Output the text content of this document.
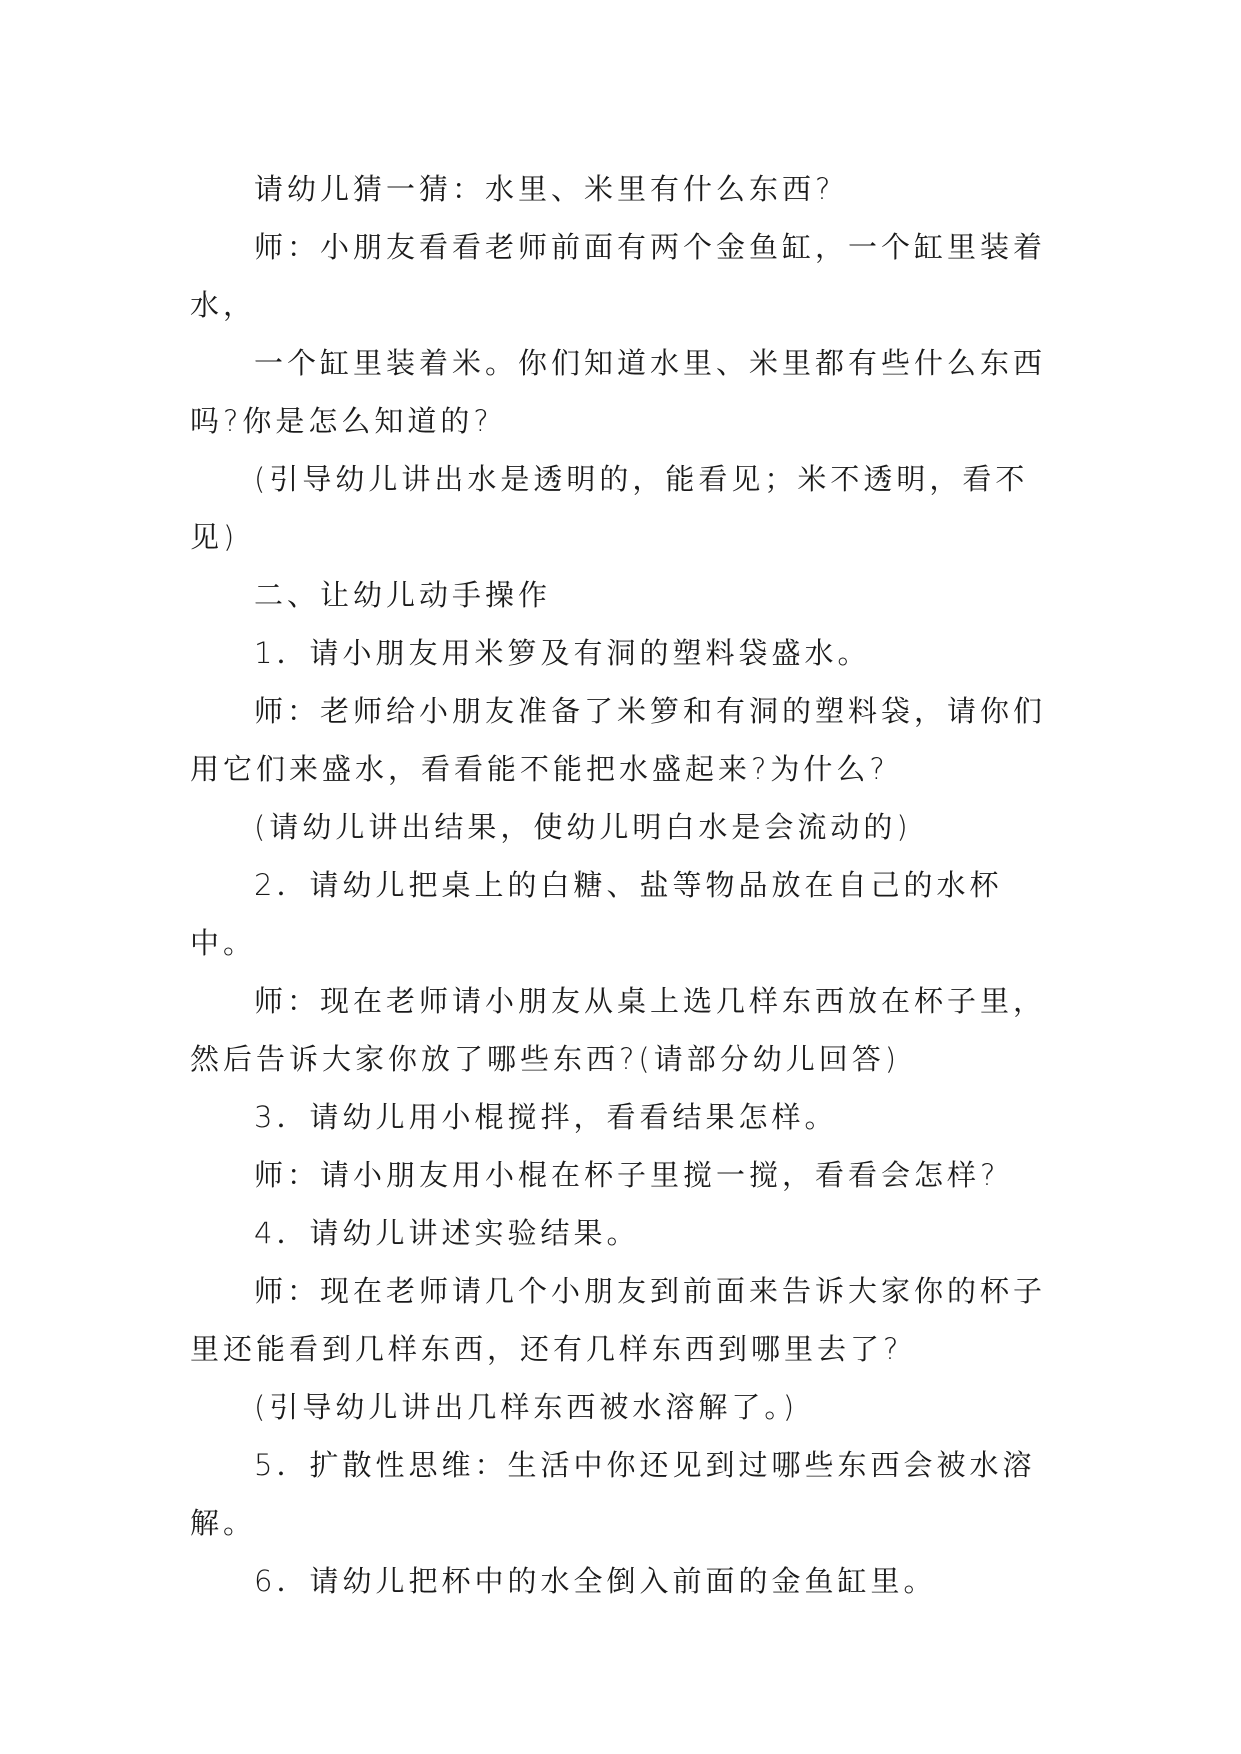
请幼儿猜一猜：水里、米里有什么东西?

师：小朋友看看老师前面有两个金鱼缸，一个缸里装着水，

一个缸里装着米。你们知道水里、米里都有些什么东西吗?你是怎么知道的?

(引导幼儿讲出水是透明的，能看见；米不透明，看不见)

二、让幼儿动手操作

1．请小朋友用米箩及有洞的塑料袋盛水。

师：老师给小朋友准备了米箩和有洞的塑料袋，请你们用它们来盛水，看看能不能把水盛起来?为什么?

(请幼儿讲出结果，使幼儿明白水是会流动的)

2．请幼儿把桌上的白糖、盐等物品放在自己的水杯中。

师：现在老师请小朋友从桌上选几样东西放在杯子里，然后告诉大家你放了哪些东西?(请部分幼儿回答)

3．请幼儿用小棍搅拌，看看结果怎样。

师：请小朋友用小棍在杯子里搅一搅，看看会怎样?

4．请幼儿讲述实验结果。

师：现在老师请几个小朋友到前面来告诉大家你的杯子里还能看到几样东西，还有几样东西到哪里去了?

(引导幼儿讲出几样东西被水溶解了。)

5．扩散性思维：生活中你还见到过哪些东西会被水溶解。

6．请幼儿把杯中的水全倒入前面的金鱼缸里。
